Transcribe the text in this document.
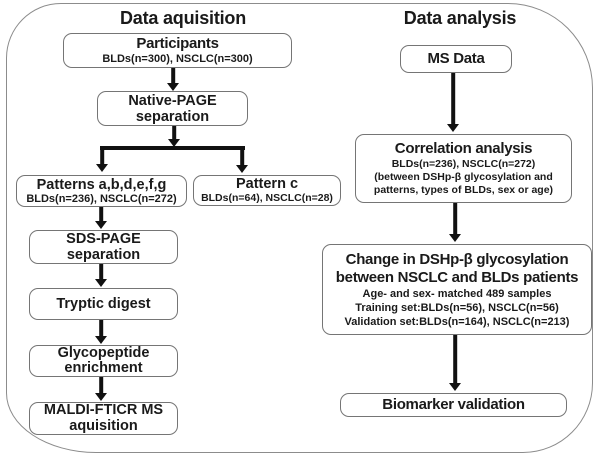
Data aquisition	Data analysis
Participants
BLDs(n=300), NSCLC(n=300)
Native-PAGE
separation
Patterns a,b,d,e,f,g
BLDs(n=236), NSCLC(n=272)
Pattern c
BLDs(n=64), NSCLC(n=28)
SDS-PAGE
separation
Tryptic digest
Glycopeptide
enrichment
MALDI-FTICR MS
aquisition
MS Data
Correlation analysis
BLDs(n=236), NSCLC(n=272)
(between DSHp-β glycosylation and
patterns, types of BLDs, sex or age)
Change in DSHp-β glycosylation
between NSCLC and BLDs patients
Age- and sex- matched 489 samples
Training set:BLDs(n=56), NSCLC(n=56)
Validation set:BLDs(n=164), NSCLC(n=213)
Biomarker validation
